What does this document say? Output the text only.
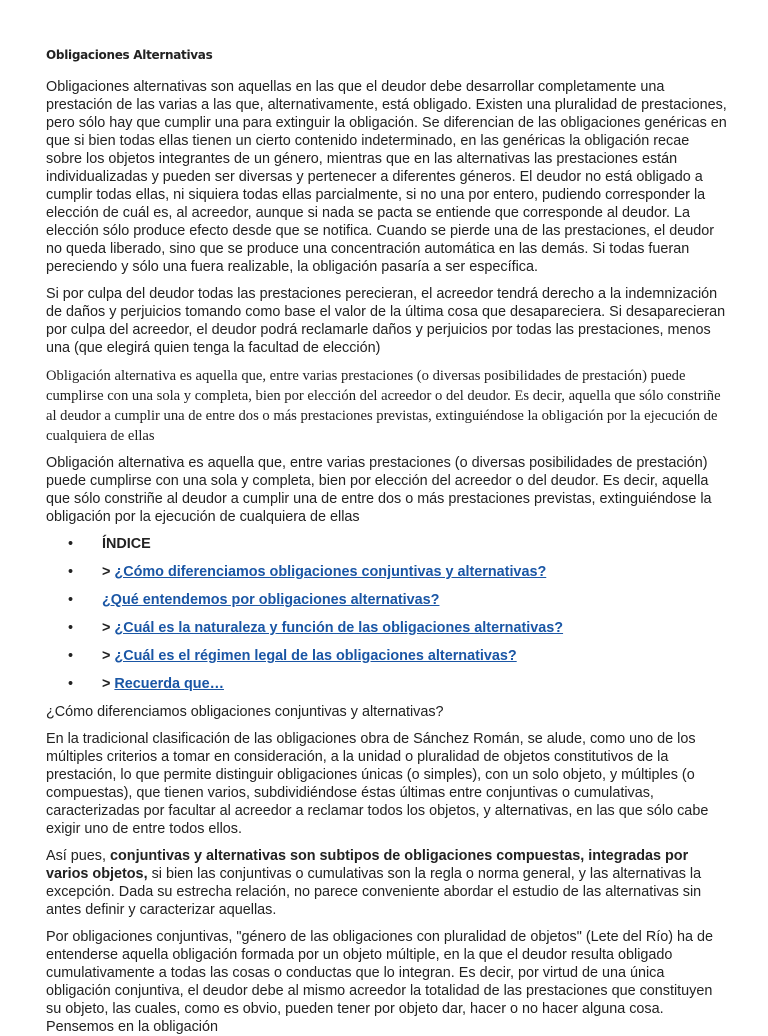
Obligaciones Alternativas

Obligaciones alternativas son aquellas en las que el deudor debe desarrollar completamente una prestación de las varias a las que, alternativamente, está obligado. Existen una pluralidad de prestaciones, pero sólo hay que cumplir una para extinguir la obligación. Se diferencian de las obligaciones genéricas en que si bien todas ellas tienen un cierto contenido indeterminado, en las genéricas la obligación recae sobre los objetos integrantes de un género, mientras que en las alternativas las prestaciones están individualizadas y pueden ser diversas y pertenecer a diferentes géneros. El deudor no está obligado a cumplir todas ellas, ni siquiera todas ellas parcialmente, si no una por entero, pudiendo corresponder la elección de cuál es, al acreedor, aunque si nada se pacta se entiende que corresponde al deudor. La elección sólo produce efecto desde que se notifica. Cuando se pierde una de las prestaciones, el deudor no queda liberado, sino que se produce una concentración automática en las demás. Si todas fueran pereciendo y sólo una fuera realizable, la obligación pasaría a ser específica.

Si por culpa del deudor todas las prestaciones perecieran, el acreedor tendrá derecho a la indemnización de daños y perjuicios tomando como base el valor de la última cosa que desapareciera. Si desaparecieran por culpa del acreedor, el deudor podrá reclamarle daños y perjuicios por todas las prestaciones, menos una (que elegirá quien tenga la facultad de elección)

Obligación alternativa es aquella que, entre varias prestaciones (o diversas posibilidades de prestación) puede cumplirse con una sola y completa, bien por elección del acreedor o del deudor. Es decir, aquella que sólo constriñe al deudor a cumplir una de entre dos o más prestaciones previstas, extinguiéndose la obligación por la ejecución de cualquiera de ellas

Obligación alternativa es aquella que, entre varias prestaciones (o diversas posibilidades de prestación) puede cumplirse con una sola y completa, bien por elección del acreedor o del deudor. Es decir, aquella que sólo constriñe al deudor a cumplir una de entre dos o más prestaciones previstas, extinguiéndose la obligación por la ejecución de cualquiera de ellas

• ÍNDICE
• > ¿Cómo diferenciamos obligaciones conjuntivas y alternativas?
• ¿Qué entendemos por obligaciones alternativas?
• > ¿Cuál es la naturaleza y función de las obligaciones alternativas?
• > ¿Cuál es el régimen legal de las obligaciones alternativas?
• > Recuerda que…

¿Cómo diferenciamos obligaciones conjuntivas y alternativas?

En la tradicional clasificación de las obligaciones obra de Sánchez Román, se alude, como uno de los múltiples criterios a tomar en consideración, a la unidad o pluralidad de objetos constitutivos de la prestación, lo que permite distinguir obligaciones únicas (o simples), con un solo objeto, y múltiples (o compuestas), que tienen varios, subdividiéndose éstas últimas entre conjuntivas o cumulativas, caracterizadas por facultar al acreedor a reclamar todos los objetos, y alternativas, en las que sólo cabe exigir uno de entre todos ellos.

Así pues, conjuntivas y alternativas son subtipos de obligaciones compuestas, integradas por varios objetos, si bien las conjuntivas o cumulativas son la regla o norma general, y las alternativas la excepción. Dada su estrecha relación, no parece conveniente abordar el estudio de las alternativas sin antes definir y caracterizar aquellas.

Por obligaciones conjuntivas, "género de las obligaciones con pluralidad de objetos" (Lete del Río) ha de entenderse aquella obligación formada por un objeto múltiple, en la que el deudor resulta obligado cumulativamente a todas las cosas o conductas que lo integran. Es decir, por virtud de una única obligación conjuntiva, el deudor debe al mismo acreedor la totalidad de las prestaciones que constituyen su objeto, las cuales, como es obvio, pueden tener por objeto dar, hacer o no hacer alguna cosa. Pensemos en la obligación
